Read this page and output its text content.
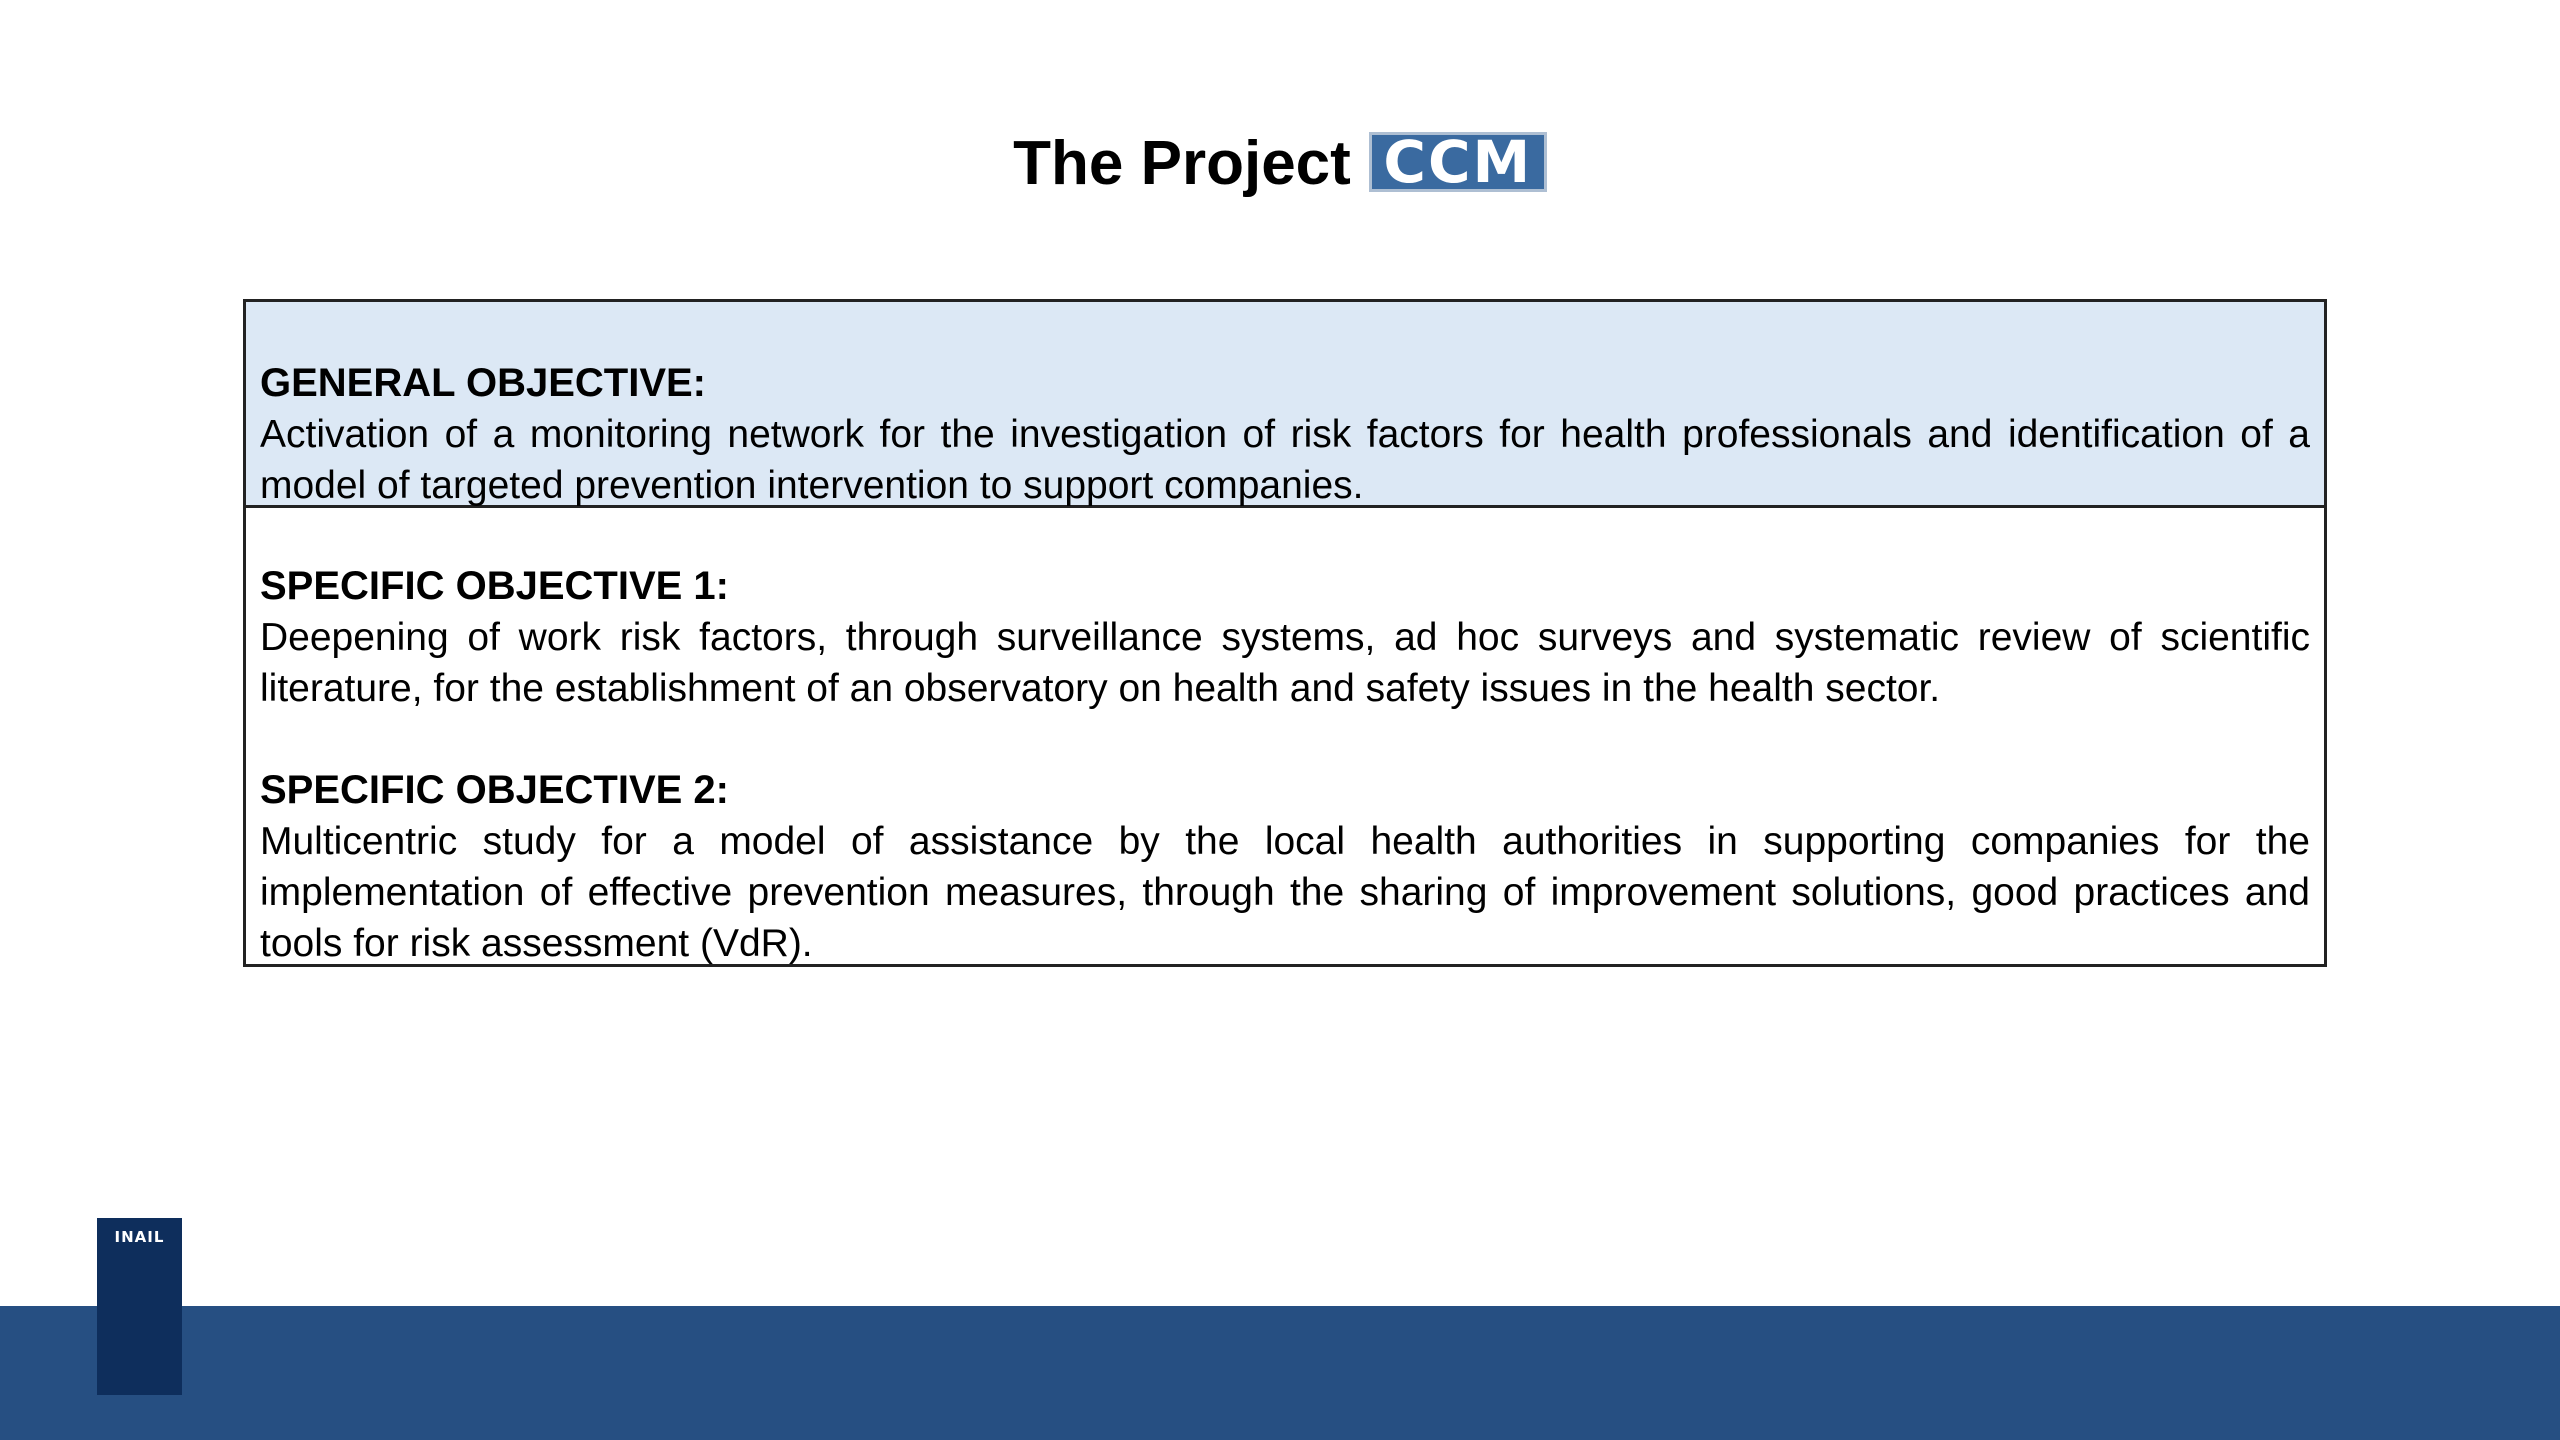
The Project CCM

GENERAL OBJECTIVE:

Activation of a monitoring network for the investigation of risk factors for health professionals and identification of a model of targeted prevention intervention to support companies.

SPECIFIC OBJECTIVE 1:

Deepening of work risk factors, through surveillance systems, ad hoc surveys and systematic review of scientific literature, for the establishment of an observatory on health and safety issues in the health sector.

SPECIFIC OBJECTIVE 2:

Multicentric study for a model of assistance by the local health authorities in supporting companies for the implementation of effective prevention measures, through the sharing of improvement solutions, good practices and tools for risk assessment (VdR).

INAIL
